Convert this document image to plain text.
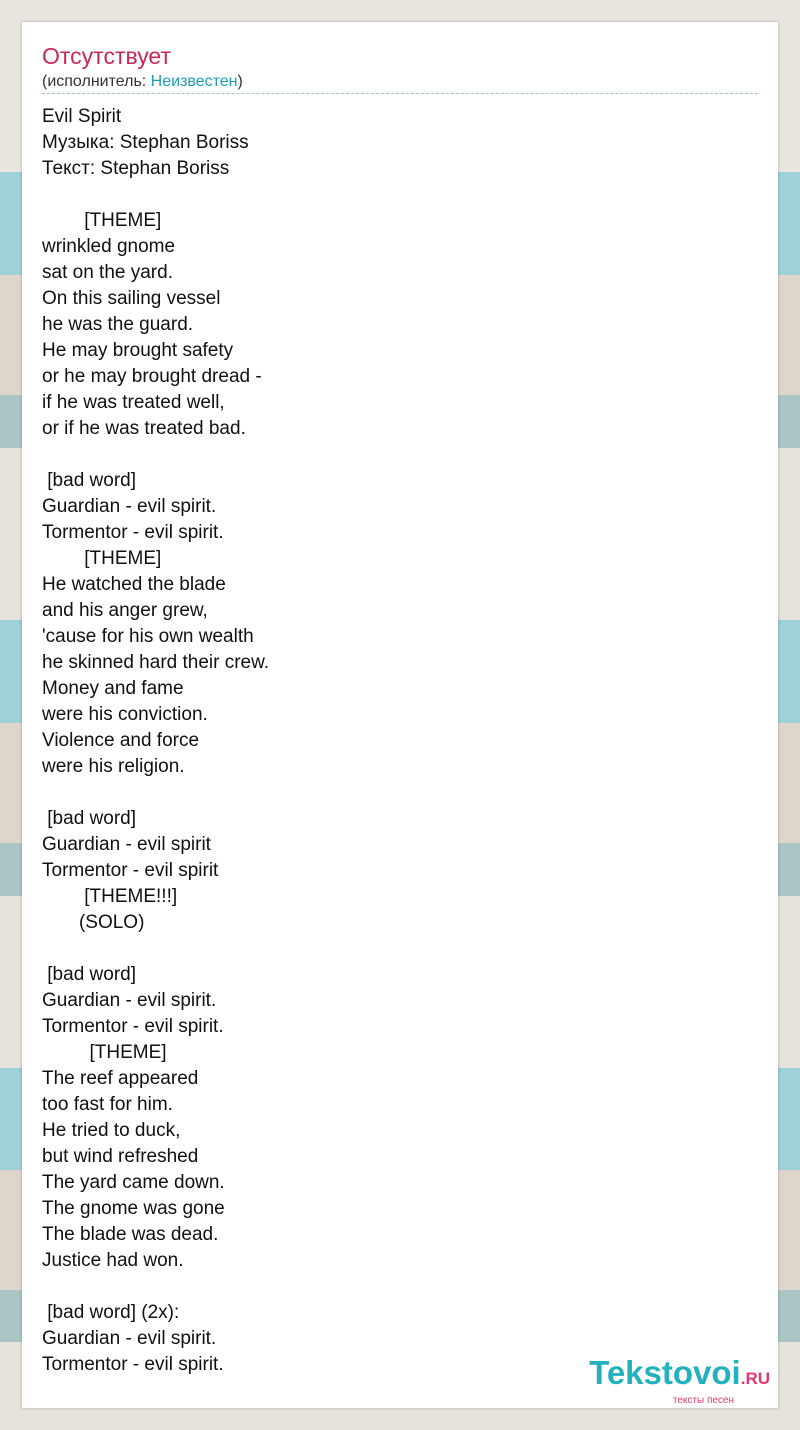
Отсутствует
(исполнитель: Неизвестен)
Evil Spirit
Музыка: Stephan Boriss
Текст: Stephan Boriss

[THEME]
wrinkled gnome
sat on the yard.
On this sailing vessel
he was the guard.
He may brought safety
or he may brought dread -
if he was treated well,
or if he was treated bad.

[bad word]
Guardian - evil spirit.
Tormentor - evil spirit.
[THEME]
He watched the blade
and his anger grew,
'cause for his own wealth
he skinned hard their crew.
Money and fame
were his conviction.
Violence and force
were his religion.

[bad word]
Guardian - evil spirit
Tormentor - evil spirit
[THEME!!!]
(SOLO)

[bad word]
Guardian - evil spirit.
Tormentor - evil spirit.
[THEME]
The reef appeared
too fast for him.
He tried to duck,
but wind refreshed
The yard came down.
The gnome was gone
The blade was dead.
Justice had won.

[bad word] (2x):
Guardian - evil spirit.
Tormentor - evil spirit.	Tekstovoi.RU
тексты песен
